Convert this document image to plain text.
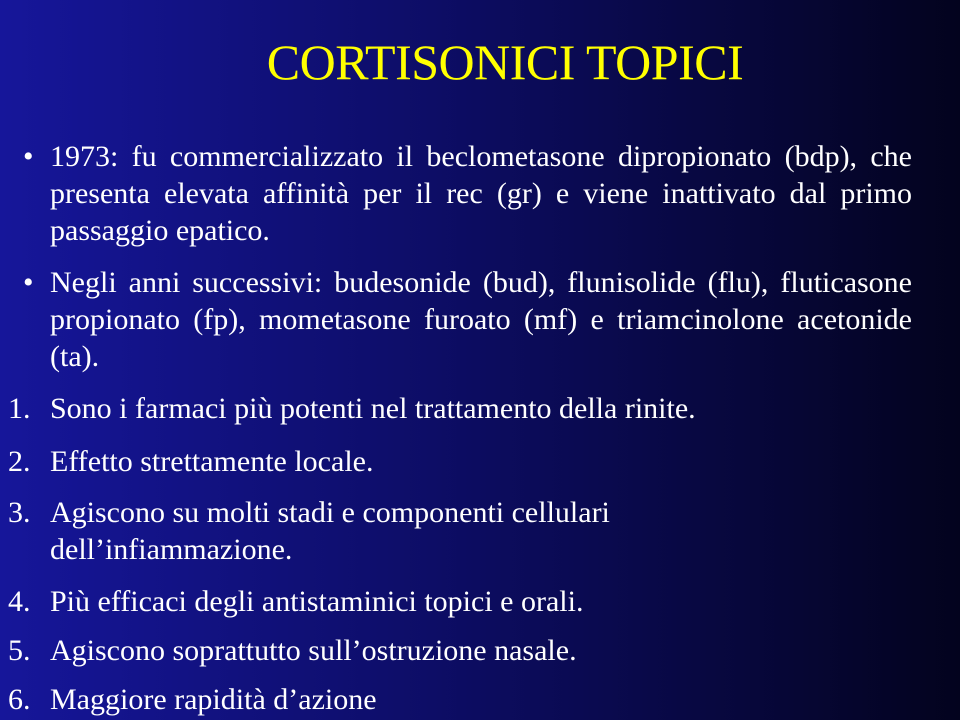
CORTISONICI TOPICI
• 1973: fu commercializzato il beclometasone dipropionato (bdp), che presenta elevata affinità per il rec (gr) e viene inattivato dal primo passaggio epatico.
• Negli anni successivi: budesonide (bud), flunisolide (flu), fluticasone propionato (fp), mometasone furoato (mf) e triamcinolone acetonide (ta).
1. Sono i farmaci più potenti nel trattamento della rinite.
2. Effetto strettamente locale.
3. Agiscono su molti stadi e componenti cellulari dell’infiammazione.
4. Più efficaci degli antistaminici topici e orali.
5. Agiscono soprattutto sull’ostruzione nasale.
6. Maggiore rapidità d’azione
